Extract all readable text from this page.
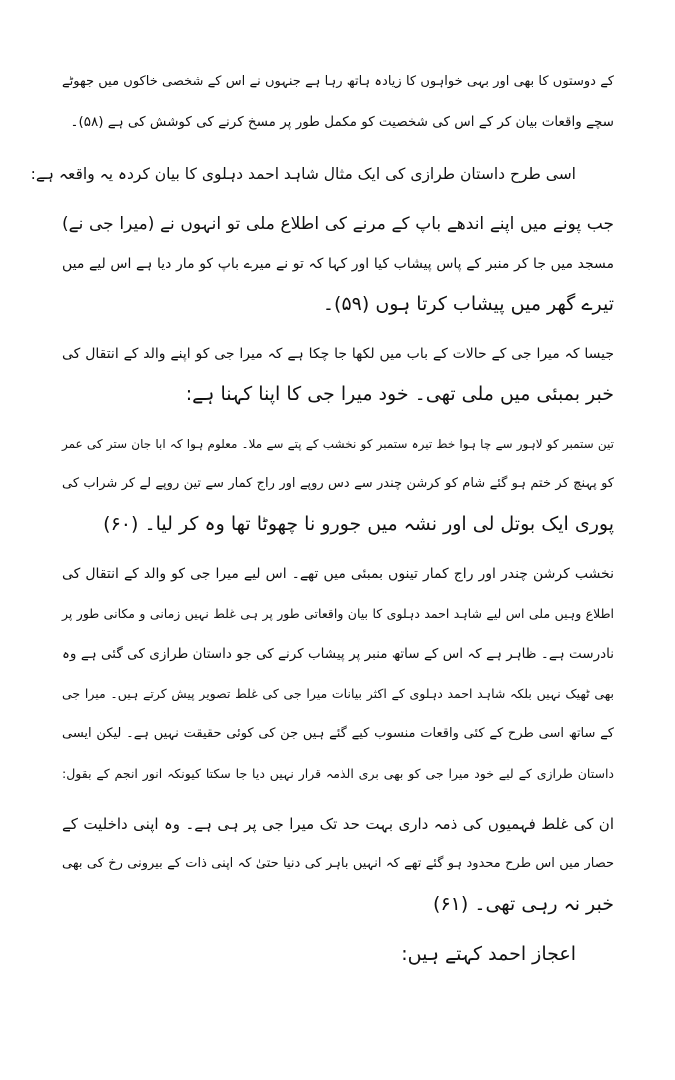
کے دوستوں کا بھی اور بہی خواہوں کا زیادہ ہاتھ رہا ہے جنہوں نے اس کے شخصی خاکوں میں جھوٹے
سچے واقعات بیان کر کے اس کی شخصیت کو مکمل طور پر مسخ کرنے کی کوشش کی ہے (۵۸)۔
اسی طرح داستان طرازی کی ایک مثال شاہد احمد دہلوی کا بیان کردہ یہ واقعہ ہے:
جب پونے میں اپنے اندھے باپ کے مرنے کی اطلاع ملی تو انہوں نے (میرا جی نے)
مسجد میں جا کر منبر کے پاس پیشاب کیا اور کہا کہ تو نے میرے باپ کو مار دیا ہے اس لیے میں
تیرے گھر میں پیشاب کرتا ہوں (۵۹)۔
جیسا کہ میرا جی کے حالات کے باب میں لکھا جا چکا ہے کہ میرا جی کو اپنے والد کے انتقال کی
خبر بمبئی میں ملی تھی۔ خود میرا جی کا اپنا کہنا ہے:
تین ستمبر کو لاہور سے چا ہوا خط تیرہ ستمبر کو نخشب کے پتے سے ملا۔ معلوم ہوا کہ ابا جان ستر کی عمر
کو پہنچ کر ختم ہو گئے شام کو کرشن چندر سے دس روپے اور راج کمار سے تین روپے لے کر شراب کی
پوری ایک بوتل لی اور نشہ میں جورو نا چھوٹا تھا وہ کر لیا۔ (۶۰)
نخشب کرشن چندر اور راج کمار تینوں بمبئی میں تھے۔ اس لیے میرا جی کو والد کے انتقال کی
اطلاع وہیں ملی اس لیے شاہد احمد دہلوی کا بیان واقعاتی طور پر ہی غلط نہیں زمانی و مکانی طور پر
نادرست ہے۔ ظاہر ہے کہ اس کے ساتھ منبر پر پیشاب کرنے کی جو داستان طرازی کی گئی ہے وہ
بھی ٹھیک نہیں بلکہ شاہد احمد دہلوی کے اکثر بیانات میرا جی کی غلط تصویر پیش کرتے ہیں۔ میرا جی
کے ساتھ اسی طرح کے کئی واقعات منسوب کیے گئے ہیں جن کی کوئی حقیقت نہیں ہے۔ لیکن ایسی
داستان طرازی کے لیے خود میرا جی کو بھی بری الذمہ قرار نہیں دیا جا سکتا کیونکہ انور انجم کے بقول:
ان کی غلط فہمیوں کی ذمہ داری بہت حد تک میرا جی پر ہی ہے۔ وہ اپنی داخلیت کے
حصار میں اس طرح محدود ہو گئے تھے کہ انہیں باہر کی دنیا حتیٰ کہ اپنی ذات کے بیرونی رخ کی بھی
خبر نہ رہی تھی۔ (۶۱)
اعجاز احمد کہتے ہیں:
